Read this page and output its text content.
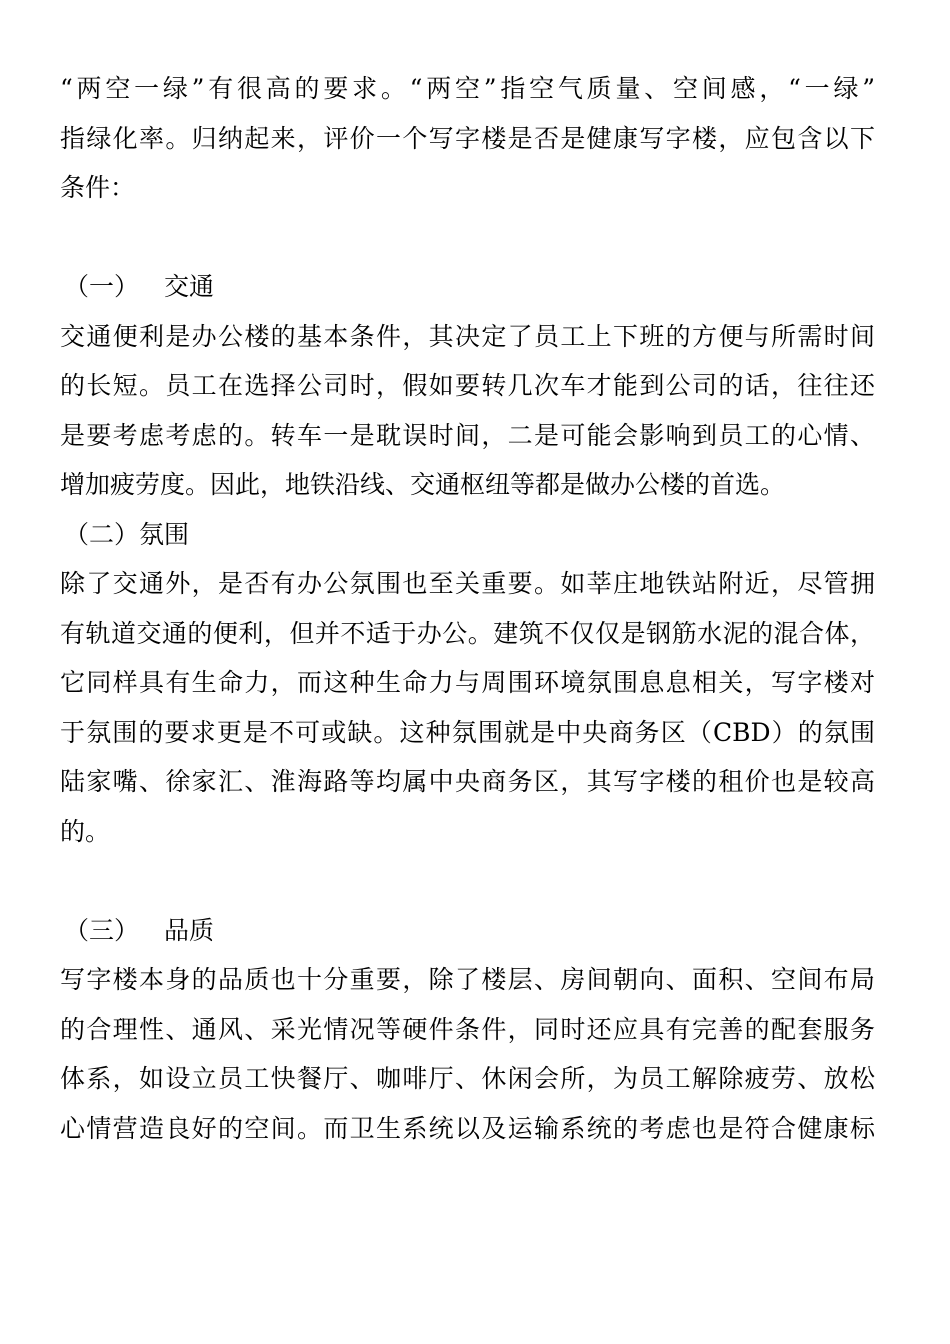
“两空一绿”有很高的要求。“两空”指空气质量、空间感，“一绿”
指绿化率。归纳起来，评价一个写字楼是否是健康写字楼，应包含以下
条件：
（一） 交通
交通便利是办公楼的基本条件，其决定了员工上下班的方便与所需时间
的长短。员工在选择公司时，假如要转几次车才能到公司的话，往往还
是要考虑考虑的。转车一是耽误时间，二是可能会影响到员工的心情、
增加疲劳度。因此，地铁沿线、交通枢纽等都是做办公楼的首选。
（二）氛围
除了交通外，是否有办公氛围也至关重要。如莘庄地铁站附近，尽管拥
有轨道交通的便利，但并不适于办公。建筑不仅仅是钢筋水泥的混合体，
它同样具有生命力，而这种生命力与周围环境氛围息息相关，写字楼对
于氛围的要求更是不可或缺。这种氛围就是中央商务区（CBD）的氛围
陆家嘴、徐家汇、淮海路等均属中央商务区，其写字楼的租价也是较高
的。
（三） 品质
写字楼本身的品质也十分重要，除了楼层、房间朝向、面积、空间布局
的合理性、通风、采光情况等硬件条件，同时还应具有完善的配套服务
体系，如设立员工快餐厅、咖啡厅、休闲会所，为员工解除疲劳、放松
心情营造良好的空间。而卫生系统以及运输系统的考虑也是符合健康标
